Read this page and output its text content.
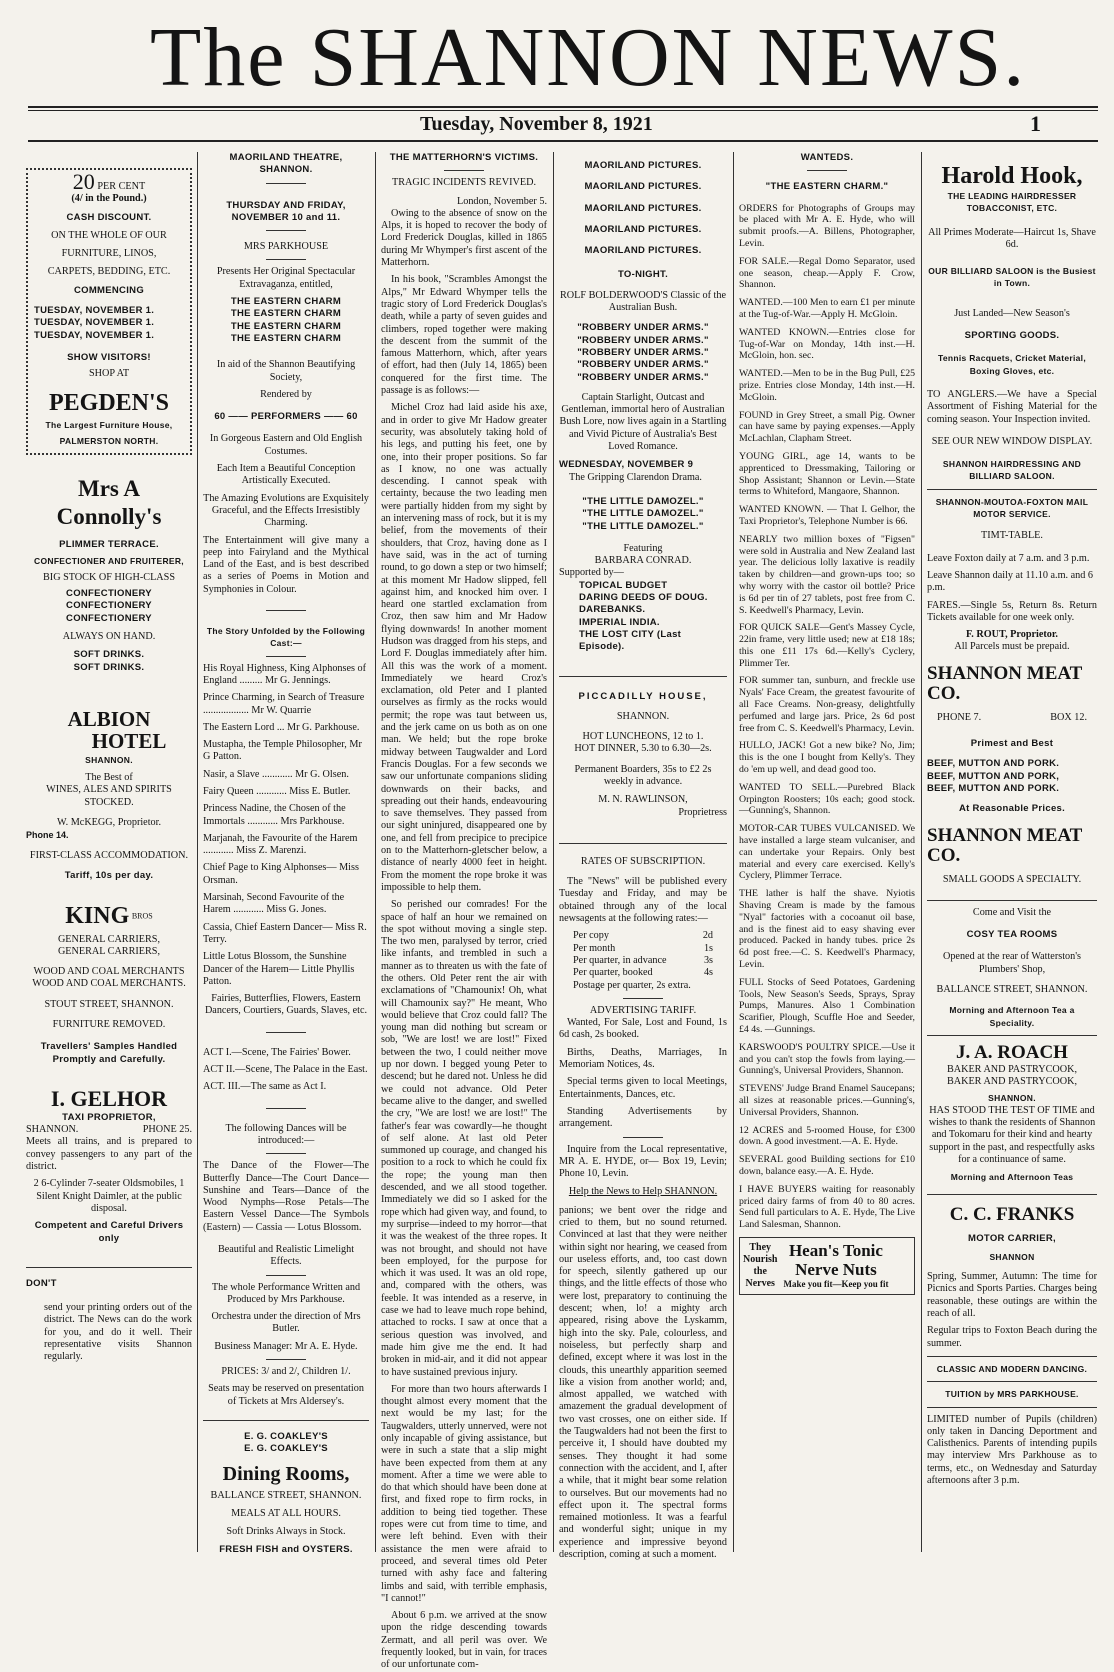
The SHANNON NEWS.
Tuesday, November 8, 1921	1
20 PER CENT
(4/ in the Pound.)
CASH DISCOUNT.
ON THE WHOLE OF OUR
FURNITURE, LINOS,
CARPETS, BEDDING, ETC.
COMMENCING
TUESDAY, NOVEMBER 1.
TUESDAY, NOVEMBER 1.
TUESDAY, NOVEMBER 1.
SHOW VISITORS!
SHOP AT
PEGDEN'S
The Largest Furniture House,
PALMERSTON NORTH.
Mrs A Connolly's
PLIMMER TERRACE.
CONFECTIONER AND FRUITERER,
BIG STOCK OF HIGH-CLASS
CONFECTIONERY
CONFECTIONERY
CONFECTIONERY
ALWAYS ON HAND.
SOFT DRINKS.
SOFT DRINKS.
ALBION
HOTEL
SHANNON.
The Best of
WINES, ALES AND SPIRITS
STOCKED.
W. McKEGG, Proprietor.
Phone 14.
FIRST-CLASS ACCOMMODATION.
Tariff, 10s per day.
KING $^{BROS}$
GENERAL CARRIERS,
GENERAL CARRIERS,
WOOD AND COAL MERCHANTS
WOOD AND COAL MERCHANTS.
STOUT STREET, SHANNON.
FURNITURE REMOVED.
Travellers' Samples Handled Promptly and Carefully.
I. GELHOR
TAXI PROPRIETOR,
SHANNON.	PHONE 25.

Meets all trains, and is prepared to convey passengers to any part of the district.

2 6-Cylinder 7-seater Oldsmobiles, 1 Silent Knight Daimler, at the public disposal.

Competent and Careful Drivers only
DON'T

send your printing orders out of the district. The News can do the work for you, and do it well. Their representative visits Shannon regularly.

MAORILAND THEATRE, SHANNON.
THURSDAY AND FRIDAY, NOVEMBER 10 and 11.
MRS PARKHOUSE

Presents Her Original Spectacular Extravaganza, entitled,

THE EASTERN CHARM
THE EASTERN CHARM
THE EASTERN CHARM
THE EASTERN CHARM

In aid of the Shannon Beautifying Society,

Rendered by

60 —— PERFORMERS —— 60

In Gorgeous Eastern and Old English Costumes.

Each Item a Beautiful Conception Artistically Executed.

The Amazing Evolutions are Exquisitely Graceful, and the Effects Irresistibly Charming.

The Entertainment will give many a peep into Fairyland and the Mythical Land of the East, and is best described as a series of Poems in Motion and Symphonies in Colour.

The Story Unfolded by the Following Cast:—

His Royal Highness, King Alphonses of England ......... Mr G. Jennings.

Prince Charming, in Search of Treasure .................. Mr W. Quarrie

The Eastern Lord ... Mr G. Parkhouse.

Mustapha, the Temple Philosopher, Mr G Patton.

Nasir, a Slave ............ Mr G. Olsen.

Fairy Queen ............ Miss E. Butler.

Princess Nadine, the Chosen of the Immortals ............ Mrs Parkhouse.

Marjanah, the Favourite of the Harem ............ Miss Z. Marenzi.

Chief Page to King Alphonses— Miss Orsman.

Marsinah, Second Favourite of the Harem ............ Miss G. Jones.

Cassia, Chief Eastern Dancer— Miss R. Terry.

Little Lotus Blossom, the Sunshine Dancer of the Harem— Little Phyllis Patton.

Fairies, Butterflies, Flowers, Eastern Dancers, Courtiers, Guards, Slaves, etc.

ACT I.—Scene, The Fairies' Bower.

ACT II.—Scene, The Palace in the East.

ACT. III.—The same as Act I.

The following Dances will be introduced:—

The Dance of the Flower—The Butterfly Dance—The Court Dance—Sunshine and Tears—Dance of the Wood Nymphs—Rose Petals—The Eastern Vessel Dance—The Symbols (Eastern) — Cassia — Lotus Blossom.

Beautiful and Realistic Limelight Effects.

The whole Performance Written and Produced by Mrs Parkhouse.

Orchestra under the direction of Mrs Butler.

Business Manager: Mr A. E. Hyde.

PRICES: 3/ and 2/, Children 1/.

Seats may be reserved on presentation of Tickets at Mrs Aldersey's.

E. G. COAKLEY'S
E. G. COAKLEY'S
Dining Rooms,
BALLANCE STREET, SHANNON.
MEALS AT ALL HOURS.
Soft Drinks Always in Stock.
FRESH FISH and OYSTERS.
THE MATTERHORN'S VICTIMS.
TRAGIC INCIDENTS REVIVED.
London, November 5.

Owing to the absence of snow on the Alps, it is hoped to recover the body of Lord Frederick Douglas, killed in 1865 during Mr Whymper's first ascent of the Matterhorn.

In his book, "Scrambles Amongst the Alps," Mr Edward Whymper tells the tragic story of Lord Frederick Douglas's death, while a party of seven guides and climbers, roped together were making the descent from the summit of the famous Matterhorn, which, after years of effort, had then (July 14, 1865) been conquered for the first time. The passage is as follows:—

Michel Croz had laid aside his axe, and in order to give Mr Hadow greater security, was absolutely taking hold of his legs, and putting his feet, one by one, into their proper positions. So far as I know, no one was actually descending. I cannot speak with certainty, because the two leading men were partially hidden from my sight by an intervening mass of rock, but it is my belief, from the movements of their shoulders, that Croz, having done as I have said, was in the act of turning round, to go down a step or two himself; at this moment Mr Hadow slipped, fell against him, and knocked him over. I heard one startled exclamation from Croz, then saw him and Mr Hadow flying downwards! In another moment Hudson was dragged from his steps, and Lord F. Douglas immediately after him. All this was the work of a moment. Immediately we heard Croz's exclamation, old Peter and I planted ourselves as firmly as the rocks would permit; the rope was taut between us, and the jerk came on us both as on one man. We held; but the rope broke midway between Taugwalder and Lord Francis Douglas. For a few seconds we saw our unfortunate companions sliding downwards on their backs, and spreading out their hands, endeavouring to save themselves. They passed from our sight uninjured, disappeared one by one, and fell from precipice to precipice on to the Matterhorn-gletscher below, a distance of nearly 4000 feet in height. From the moment the rope broke it was impossible to help them.

So perished our comrades! For the space of half an hour we remained on the spot without moving a single step. The two men, paralysed by terror, cried like infants, and trembled in such a manner as to threaten us with the fate of the others. Old Peter rent the air with exclamations of "Chamounix! Oh, what will Chamounix say?" He meant, Who would believe that Croz could fall? The young man did nothing but scream or sob, "We are lost! we are lost!" Fixed between the two, I could neither move up nor down. I begged young Peter to descend; but he dared not. Unless he did we could not advance. Old Peter became alive to the danger, and swelled the cry, "We are lost! we are lost!" The father's fear was cowardly—he thought of self alone. At last old Peter summoned up courage, and changed his position to a rock to which he could fix the rope; the young man then descended, and we all stood together. Immediately we did so I asked for the rope which had given way, and found, to my surprise—indeed to my horror—that it was the weakest of the three ropes. It was not brought, and should not have been employed, for the purpose for which it was used. It was an old rope, and, compared with the others, was feeble. It was intended as a reserve, in case we had to leave much rope behind, attached to rocks. I saw at once that a serious question was involved, and made him give me the end. It had broken in mid-air, and it did not appear to have sustained previous injury.

For more than two hours afterwards I thought almost every moment that the next would be my last; for the Taugwalders, utterly unnerved, were not only incapable of giving assistance, but were in such a state that a slip might have been expected from them at any moment. After a time we were able to do that which should have been done at first, and fixed rope to firm rocks, in addition to being tied together. These ropes were cut from time to time, and were left behind. Even with their assistance the men were afraid to proceed, and several times old Peter turned with ashy face and faltering limbs and said, with terrible emphasis, "I cannot!"

About 6 p.m. we arrived at the snow upon the ridge descending towards Zermatt, and all peril was over. We frequently looked, but in vain, for traces of our unfortunate com-

MAORILAND PICTURES.
MAORILAND PICTURES.
MAORILAND PICTURES.
MAORILAND PICTURES.
MAORILAND PICTURES.
TO-NIGHT.

ROLF BOLDERWOOD'S Classic of the Australian Bush.

"ROBBERY UNDER ARMS."
"ROBBERY UNDER ARMS."
"ROBBERY UNDER ARMS."
"ROBBERY UNDER ARMS."
"ROBBERY UNDER ARMS."

Captain Starlight, Outcast and Gentleman, immortal hero of Australian Bush Lore, now lives again in a Startling and Vivid Picture of Australia's Best Loved Romance.

WEDNESDAY, NOVEMBER 9
The Gripping Clarendon Drama.
"THE LITTLE DAMOZEL."
"THE LITTLE DAMOZEL."
"THE LITTLE DAMOZEL."
Featuring
BARBARA CONRAD.
Supported by—
TOPICAL BUDGET
DARING DEEDS OF DOUG.
DAREBANKS.
IMPERIAL INDIA.
THE LOST CITY (Last Episode).
PICCADILLY HOUSE,
SHANNON.
HOT LUNCHEONS, 12 to 1.
HOT DINNER, 5.30 to 6.30—2s.

Permanent Boarders, 35s to £2 2s weekly in advance.

M. N. RAWLINSON,
Proprietress
RATES OF SUBSCRIPTION.

The "News" will be published every Tuesday and Friday, and may be obtained through any of the local newsagents at the following rates:—

Per copy	2d
Per month	1s
Per quarter, in advance	3s
Per quarter, booked	4s
Postage per quarter, 2s extra.
ADVERTISING TARIFF.

Wanted, For Sale, Lost and Found, 1s 6d cash, 2s booked.

Births, Deaths, Marriages, In Memoriam Notices, 4s.

Special terms given to local Meetings, Entertainments, Dances, etc.

Standing Advertisements by arrangement.

Inquire from the Local representative, MR A. E. HYDE, or— Box 19, Levin; Phone 10, Levin.

Help the News to Help SHANNON.

panions; we bent over the ridge and cried to them, but no sound returned. Convinced at last that they were neither within sight nor hearing, we ceased from our useless efforts, and, too cast down for speech, silently gathered up our things, and the little effects of those who were lost, preparatory to continuing the descent; when, lo! a mighty arch appeared, rising above the Lyskamm, high into the sky. Pale, colourless, and noiseless, but perfectly sharp and defined, except where it was lost in the clouds, this unearthly apparition seemed like a vision from another world; and, almost appalled, we watched with amazement the gradual development of two vast crosses, one on either side. If the Taugwalders had not been the first to perceive it, I should have doubted my senses. They thought it had some connection with the accident, and I, after a while, that it might bear some relation to ourselves. But our movements had no effect upon it. The spectral forms remained motionless. It was a fearful and wonderful sight; unique in my experience and impressive beyond description, coming at such a moment.

WANTEDS.
"THE EASTERN CHARM."
ORDERS for Photographs of Groups may be placed with Mr A. E. Hyde, who will submit proofs.—A. Billens, Photographer, Levin.
FOR SALE.—Regal Domo Separator, used one season, cheap.—Apply F. Crow, Shannon.
WANTED.—100 Men to earn £1 per minute at the Tug-of-War.—Apply H. McGloin.
WANTED KNOWN.—Entries close for Tug-of-War on Monday, 14th inst.—H. McGloin, hon. sec.
WANTED.—Men to be in the Bug Pull, £25 prize. Entries close Monday, 14th inst.—H. McGloin.
FOUND in Grey Street, a small Pig. Owner can have same by paying expenses.—Apply McLachlan, Clapham Street.
YOUNG GIRL, age 14, wants to be apprenticed to Dressmaking, Tailoring or Shop Assistant; Shannon or Levin.—State terms to Whiteford, Mangaore, Shannon.
WANTED KNOWN. — That I. Gelhor, the Taxi Proprietor's, Telephone Number is 66.
NEARLY two million boxes of "Figsen" were sold in Australia and New Zealand last year. The delicious lolly laxative is readily taken by children—and grown-ups too; so why worry with the castor oil bottle? Price is 6d per tin of 27 tablets, post free from C. S. Keedwell's Pharmacy, Levin.
FOR QUICK SALE—Gent's Massey Cycle, 22in frame, very little used; new at £18 18s; this one £11 17s 6d.—Kelly's Cyclery, Plimmer Ter.
FOR summer tan, sunburn, and freckle use Nyals' Face Cream, the greatest favourite of all Face Creams. Non-greasy, delightfully perfumed and large jars. Price, 2s 6d post free from C. S. Keedwell's Pharmacy, Levin.
HULLO, JACK! Got a new bike? No, Jim; this is the one I bought from Kelly's. They do 'em up well, and dead good too.
WANTED TO SELL.—Purebred Black Orpington Roosters; 10s each; good stock.—Gunning's, Shannon.
MOTOR-CAR TUBES VULCANISED. We have installed a large steam vulcaniser, and can undertake your Repairs. Only best material and every care exercised. Kelly's Cyclery, Plimmer Terrace.
THE lather is half the shave. Nyiotis Shaving Cream is made by the famous "Nyal" factories with a cocoanut oil base, and is the finest aid to easy shaving ever produced. Packed in handy tubes. price 2s 6d post free.—C. S. Keedwell's Pharmacy, Levin.
FULL Stocks of Seed Potatoes, Gardening Tools, New Season's Seeds, Sprays, Spray Pumps, Manures. Also 1 Combination Scarifier, Plough, Scuffle Hoe and Seeder, £4 4s. —Gunnings.
KARSWOOD'S POULTRY SPICE.—Use it and you can't stop the fowls from laying.—Gunning's, Universal Providers, Shannon.
STEVENS' Judge Brand Enamel Saucepans; all sizes at reasonable prices.—Gunning's, Universal Providers, Shannon.
12 ACRES and 5-roomed House, for £300 down. A good investment.—A. E. Hyde.
SEVERAL good Building sections for £10 down, balance easy.—A. E. Hyde.
I HAVE BUYERS waiting for reasonably priced dairy farms of from 40 to 80 acres. Send full particulars to A. E. Hyde, The Live Land Salesman, Shannon.
They
Nourish
the
Nerves
Hean's Tonic
Nerve Nuts
Make you fit—Keep you fit
Harold Hook,
THE LEADING HAIRDRESSER TOBACCONIST, ETC.

All Primes Moderate—Haircut 1s, Shave 6d.

OUR BILLIARD SALOON is the Busiest in Town.
Just Landed—New Season's
SPORTING GOODS.
Tennis Racquets, Cricket Material, Boxing Gloves, etc.

TO ANGLERS.—We have a Special Assortment of Fishing Material for the coming season. Your Inspection invited.

SEE OUR NEW WINDOW DISPLAY.
SHANNON HAIRDRESSING AND BILLIARD SALOON.
SHANNON-MOUTOA-FOXTON MAIL MOTOR SERVICE.
TIMT-TABLE.

Leave Foxton daily at 7 a.m. and 3 p.m.

Leave Shannon daily at 11.10 a.m. and 6 p.m.

FARES.—Single 5s, Return 8s. Return Tickets available for one week only.

F. ROUT, Proprietor.
All Parcels must be prepaid.
SHANNON MEAT CO.
PHONE 7.	BOX 12.
Primest and Best
BEEF, MUTTON AND PORK.
BEEF, MUTTON AND PORK,
BEEF, MUTTON AND PORK.
At Reasonable Prices.
SHANNON MEAT CO.
SMALL GOODS A SPECIALTY.
Come and Visit the
COSY TEA ROOMS

Opened at the rear of Watterston's Plumbers' Shop,

BALLANCE STREET, SHANNON.
Morning and Afternoon Tea a Speciality.
J. A. ROACH
BAKER AND PASTRYCOOK,
BAKER AND PASTRYCOOK,
SHANNON.

HAS STOOD THE TEST OF TIME and wishes to thank the residents of Shannon and Tokomaru for their kind and hearty support in the past, and respectfully asks for a continuance of same.

Morning and Afternoon Teas
C. C. FRANKS
MOTOR CARRIER,
SHANNON

Spring, Summer, Autumn: The time for Picnics and Sports Parties. Charges being reasonable, these outings are within the reach of all.

Regular trips to Foxton Beach during the summer.

CLASSIC AND MODERN DANCING.
TUITION by MRS PARKHOUSE.

LIMITED number of Pupils (children) only taken in Dancing Deportment and Calisthenics. Parents of intending pupils may interview Mrs Parkhouse as to terms, etc., on Wednesday and Saturday afternoons after 3 p.m.
